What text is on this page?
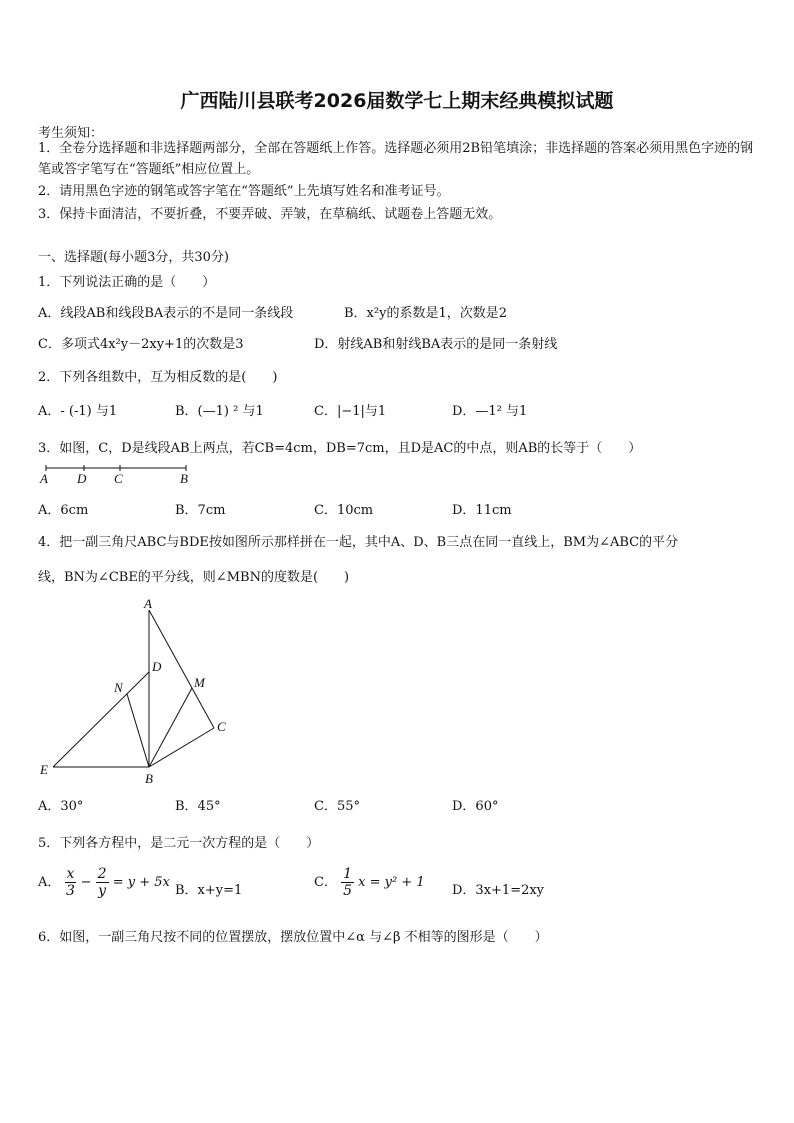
广西陆川县联考2026届数学七上期末经典模拟试题
考生须知：
1．全卷分选择题和非选择题两部分，全部在答题纸上作答。选择题必须用2B铅笔填涂；非选择题的答案必须用黑色字迹的钢笔或答字笔写在“答题纸”相应位置上。
2．请用黑色字迹的钢笔或答字笔在“答题纸”上先填写姓名和准考证号。
3．保持卡面清洁，不要折叠，不要弄破、弄皱，在草稿纸、试题卷上答题无效。
一、选择题(每小题3分，共30分)
1．下列说法正确的是（　　）
A．线段AB和线段BA表示的不是同一条线段	B．x²y的系数是1，次数是2
C．多项式4x²y－2xy+1的次数是3	D．射线AB和射线BA表示的是同一条射线
2．下列各组数中，互为相反数的是(　　)
A．- (-1) 与1	B．(—1) ² 与1	C．|−1|与1	D．—1² 与1
3．如图，C，D是线段AB上两点，若CB=4cm，DB=7cm，且D是AC的中点，则AB的长等于（　　）
A D C	B
A．6cm	B．7cm	C．10cm	D．11cm
4．把一副三角尺ABC与BDE按如图所示那样拼在一起，其中A、D、B三点在同一直线上，BM为∠ABC的平分
线，BN为∠CBE的平分线，则∠MBN的度数是(　　)
A
D
M
N
C
E
B
A．30°	B．45°	C．55°	D．60°
5．下列各方程中，是二元一次方程的是（　　）
A． $\frac{x}{3} - \frac{2}{y} = y + 5x$
B．x+y=1
C． $\frac{1}{5}$ x = y² + 1
D．3x+1=2xy
6．如图，一副三角尺按不同的位置摆放，摆放位置中∠α 与∠β 不相等的图形是（　　）
